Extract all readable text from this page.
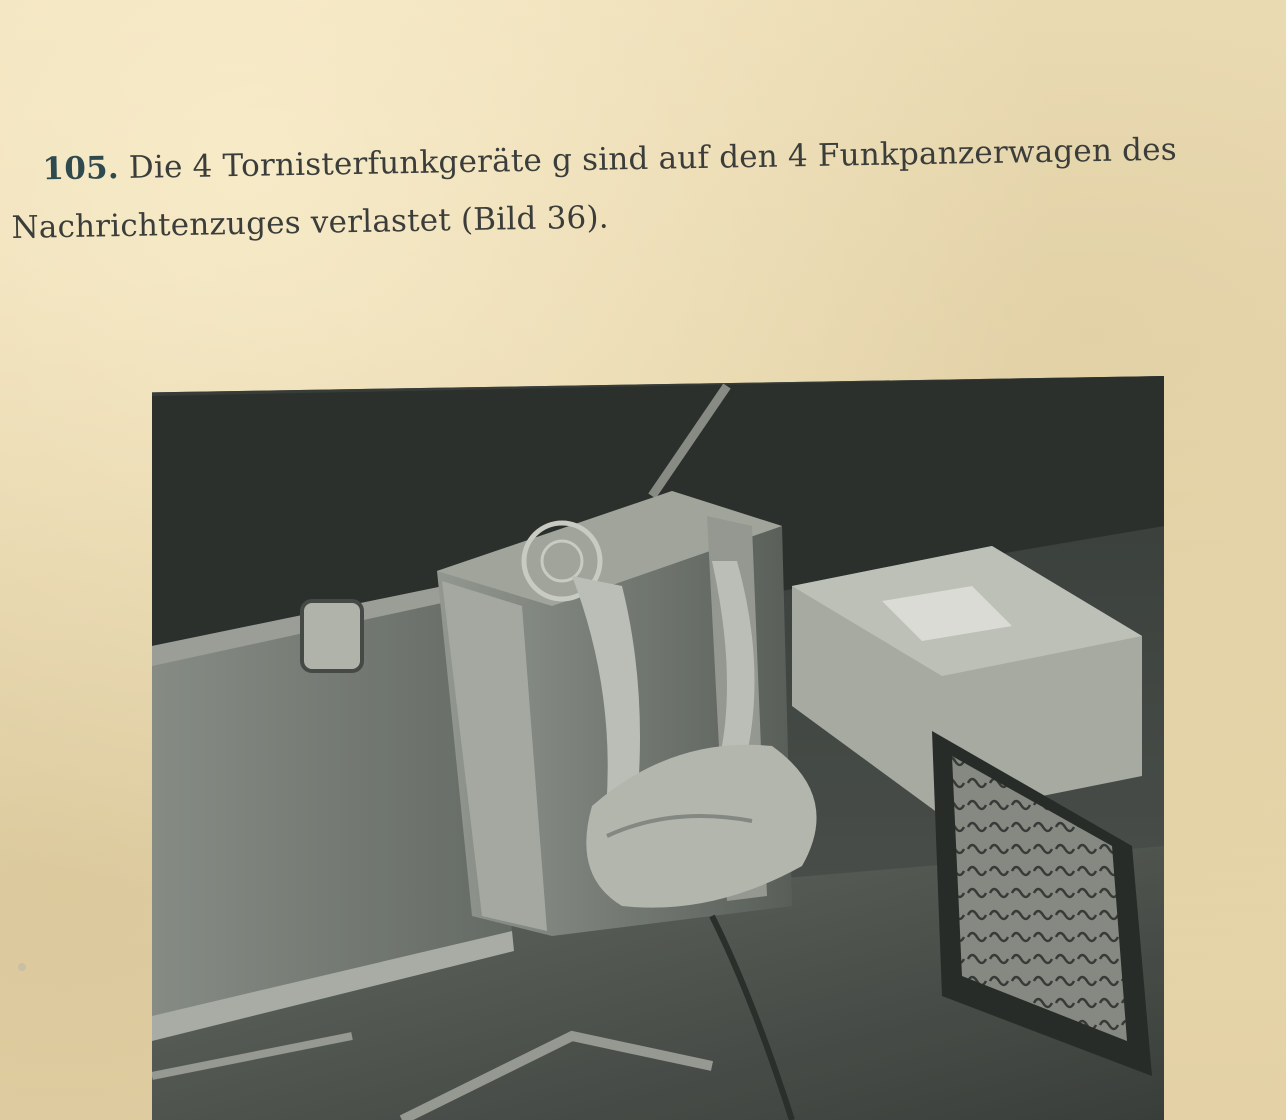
105. Die 4 Tornisterfunkgeräte g sind auf den 4 Funkpanzerwagen des
Nachrichtenzuges verlastet (Bild 36).
